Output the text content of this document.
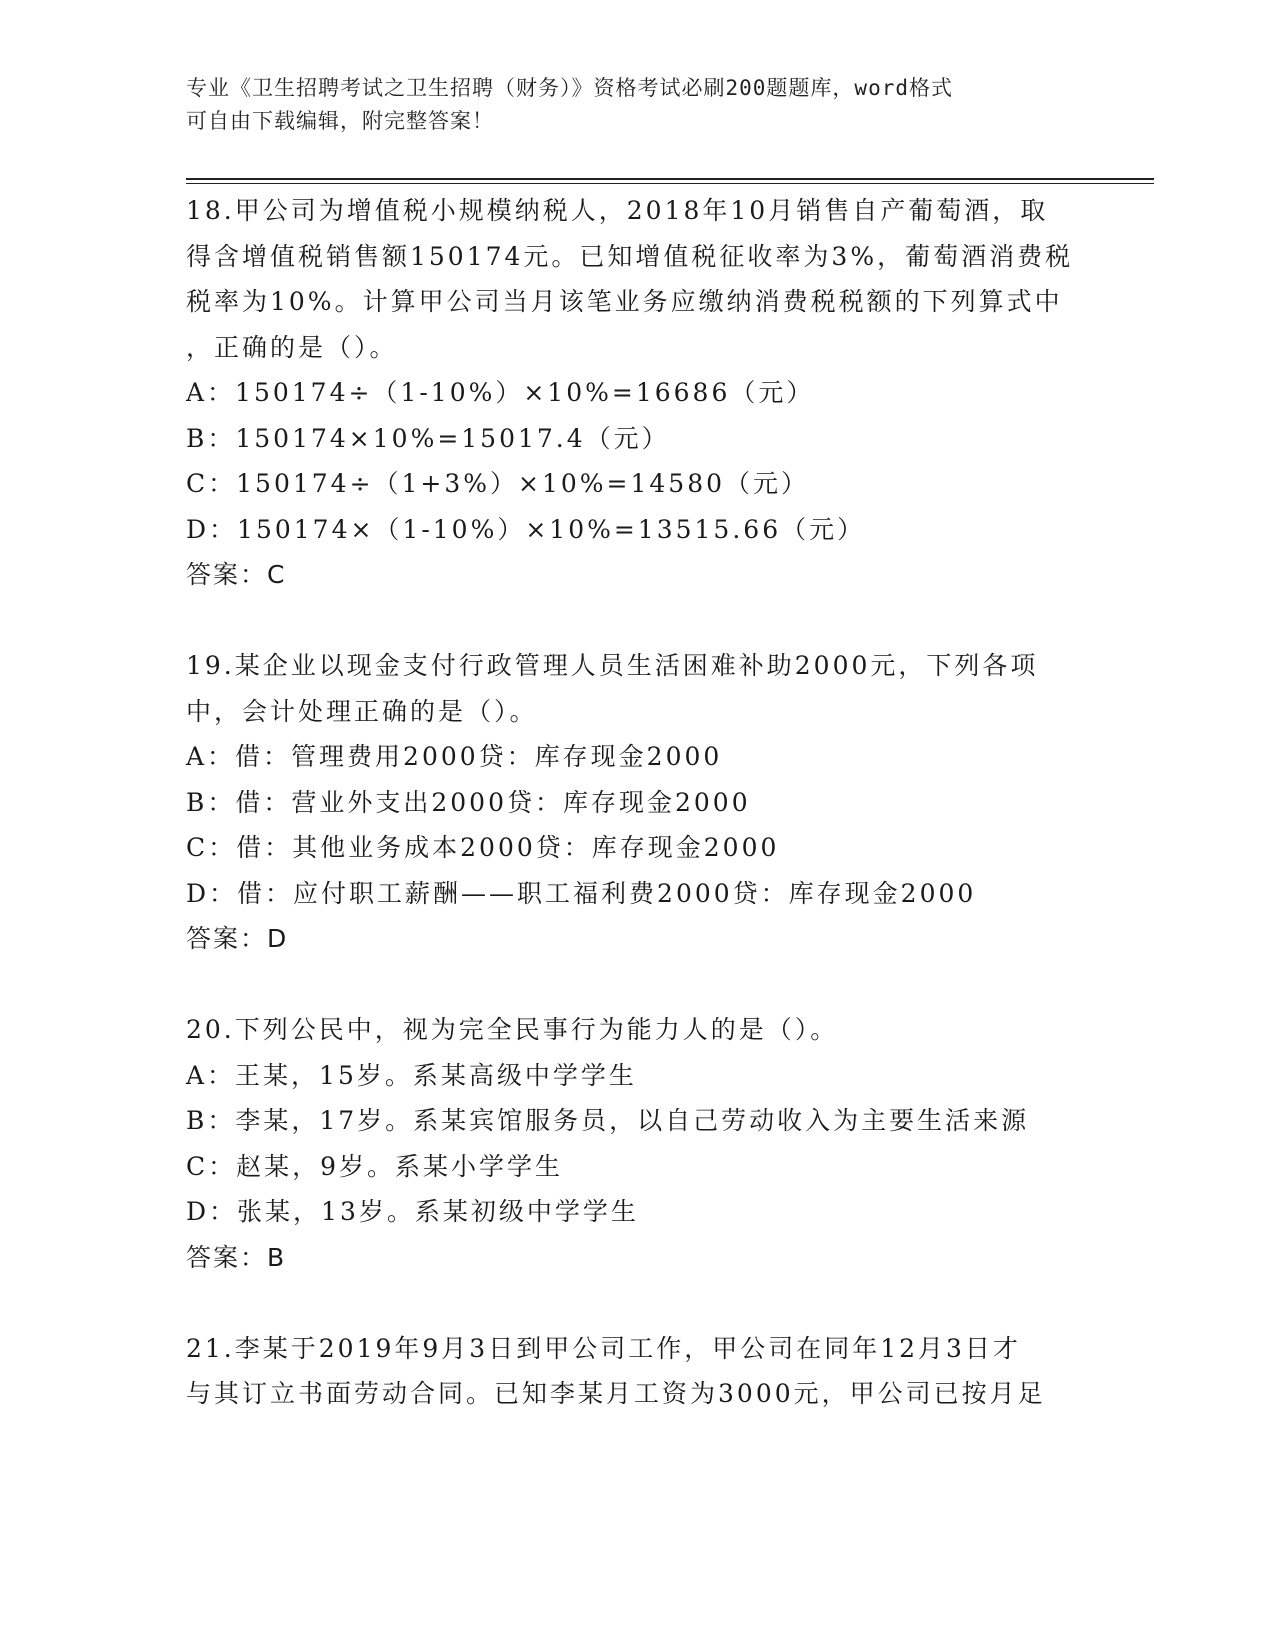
专业《卫生招聘考试之卫生招聘（财务）》资格考试必刷200题题库，word格式
可自由下载编辑，附完整答案！
18.甲公司为增值税小规模纳税人，2018年10月销售自产葡萄酒，取
得含增值税销售额150174元。已知增值税征收率为3%，葡萄酒消费税
税率为10%。计算甲公司当月该笔业务应缴纳消费税税额的下列算式中
，正确的是（）。
A：150174÷（1-10%）×10%=16686（元）
B：150174×10%=15017.4（元）
C：150174÷（1+3%）×10%=14580（元）
D：150174×（1-10%）×10%=13515.66（元）
答案：C
19.某企业以现金支付行政管理人员生活困难补助2000元，下列各项
中，会计处理正确的是（）。
A：借：管理费用2000贷：库存现金2000
B：借：营业外支出2000贷：库存现金2000
C：借：其他业务成本2000贷：库存现金2000
D：借：应付职工薪酬——职工福利费2000贷：库存现金2000
答案：D
20.下列公民中，视为完全民事行为能力人的是（）。
A：王某，15岁。系某高级中学学生
B：李某，17岁。系某宾馆服务员，以自己劳动收入为主要生活来源
C：赵某，9岁。系某小学学生
D：张某，13岁。系某初级中学学生
答案：B
21.李某于2019年9月3日到甲公司工作，甲公司在同年12月3日才
与其订立书面劳动合同。已知李某月工资为3000元，甲公司已按月足
